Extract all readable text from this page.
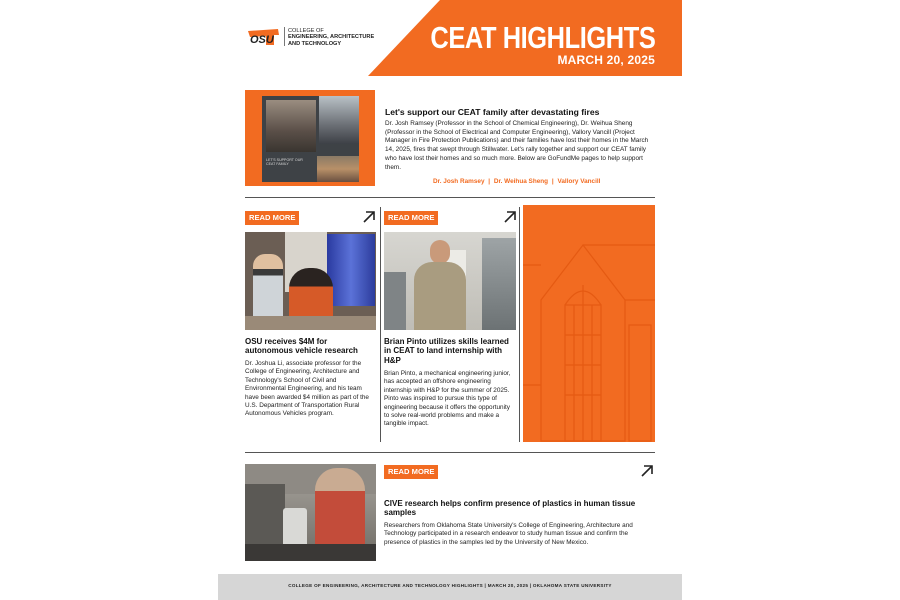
CEAT HIGHLIGHTS
MARCH 20, 2025
OSU
COLLEGE OF
ENGINEERING, ARCHITECTURE
AND TECHNOLOGY
LET'S SUPPORT OUR CEAT FAMILY
Let's support our CEAT family after devastating fires
Dr. Josh Ramsey (Professor in the School of Chemical Engineering), Dr. Weihua Sheng (Professor in the School of Electrical and Computer Engineering), Vallory Vancill (Project Manager in Fire Protection Publications) and their families have lost their homes in the March 14, 2025, fires that swept through Stillwater. Let's rally together and support our CEAT family who have lost their homes and so much more. Below are GoFundMe pages to help support them.
Dr. Josh Ramsey | Dr. Weihua Sheng | Vallory Vancill
READ MORE
OSU receives $4M for autonomous vehicle research
Dr. Joshua Li, associate professor for the College of Engineering, Architecture and Technology's School of Civil and Environmental Engineering, and his team have been awarded $4 million as part of the U.S. Department of Transportation Rural Autonomous Vehicles program.
READ MORE
Brian Pinto utilizes skills learned in CEAT to land internship with H&P
Brian Pinto, a mechanical engineering junior, has accepted an offshore engineering internship with H&P for the summer of 2025. Pinto was inspired to pursue this type of engineering because it offers the opportunity to solve real-world problems and make a tangible impact.
READ MORE
CIVE research helps confirm presence of plastics in human tissue samples
Researchers from Oklahoma State University's College of Engineering, Architecture and Technology participated in a research endeavor to study human tissue and confirm the presence of plastics in the samples led by the University of New Mexico.
COLLEGE OF ENGINEERING, ARCHITECTURE AND TECHNOLOGY HIGHLIGHTS | MARCH 20, 2025 | OKLAHOMA STATE UNIVERSITY
